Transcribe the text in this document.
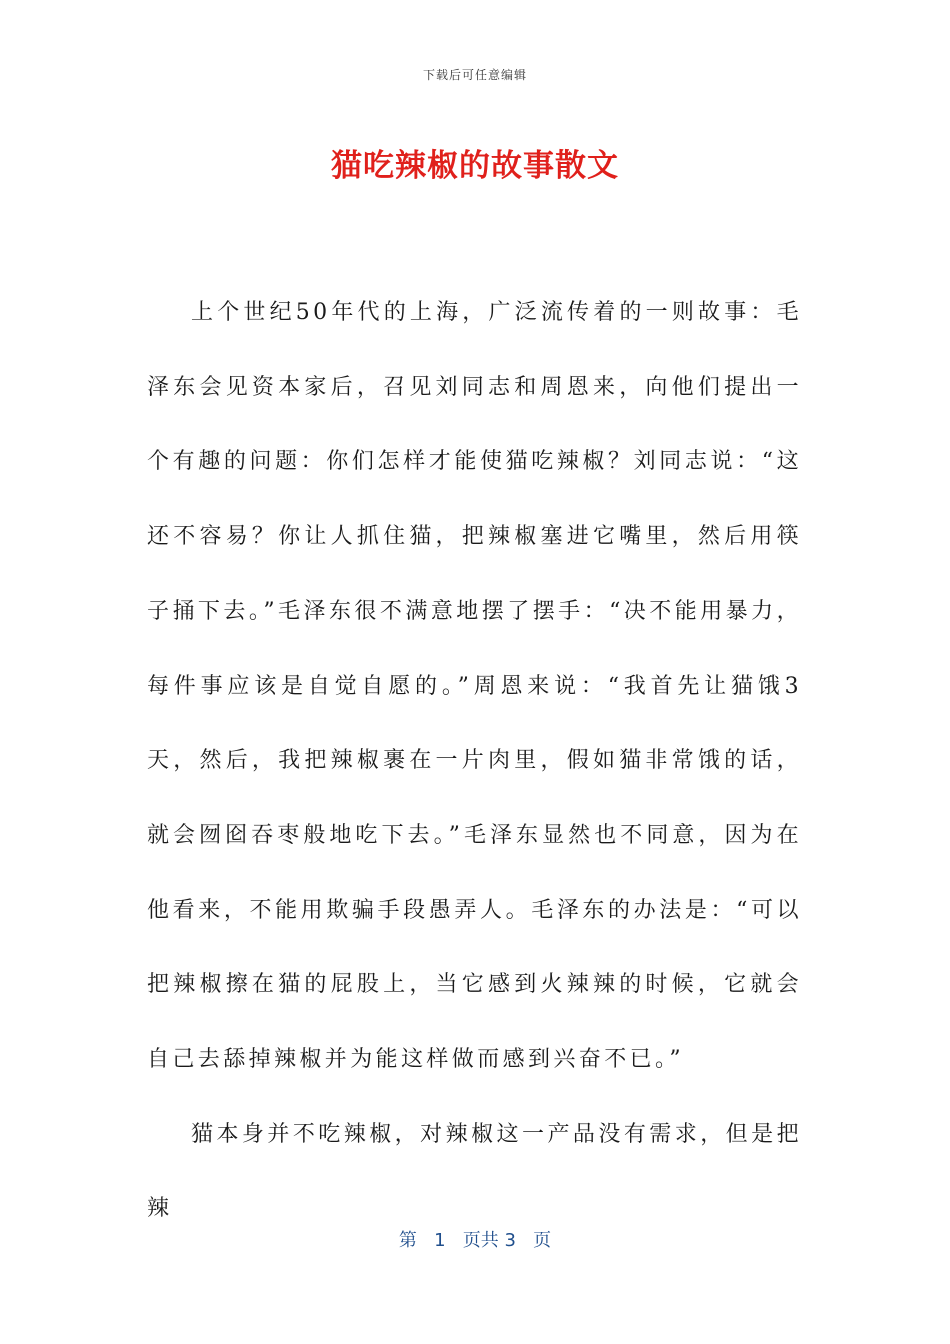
下载后可任意编辑
猫吃辣椒的故事散文

上个世纪50年代的上海，广泛流传着的一则故事：毛泽东会见资本家后，召见刘同志和周恩来，向他们提出一个有趣的问题：你们怎样才能使猫吃辣椒？刘同志说：“这还不容易？你让人抓住猫，把辣椒塞进它嘴里，然后用筷子捅下去。”毛泽东很不满意地摆了摆手：“决不能用暴力，每件事应该是自觉自愿的。”周恩来说：“我首先让猫饿3天，然后，我把辣椒裹在一片肉里，假如猫非常饿的话，就会囫囵吞枣般地吃下去。”毛泽东显然也不同意，因为在他看来，不能用欺骗手段愚弄人。毛泽东的办法是：“可以把辣椒擦在猫的屁股上，当它感到火辣辣的时候，它就会自己去舔掉辣椒并为能这样做而感到兴奋不已。”

猫本身并不吃辣椒，对辣椒这一产品没有需求，但是把辣

第 1 页共 3 页
